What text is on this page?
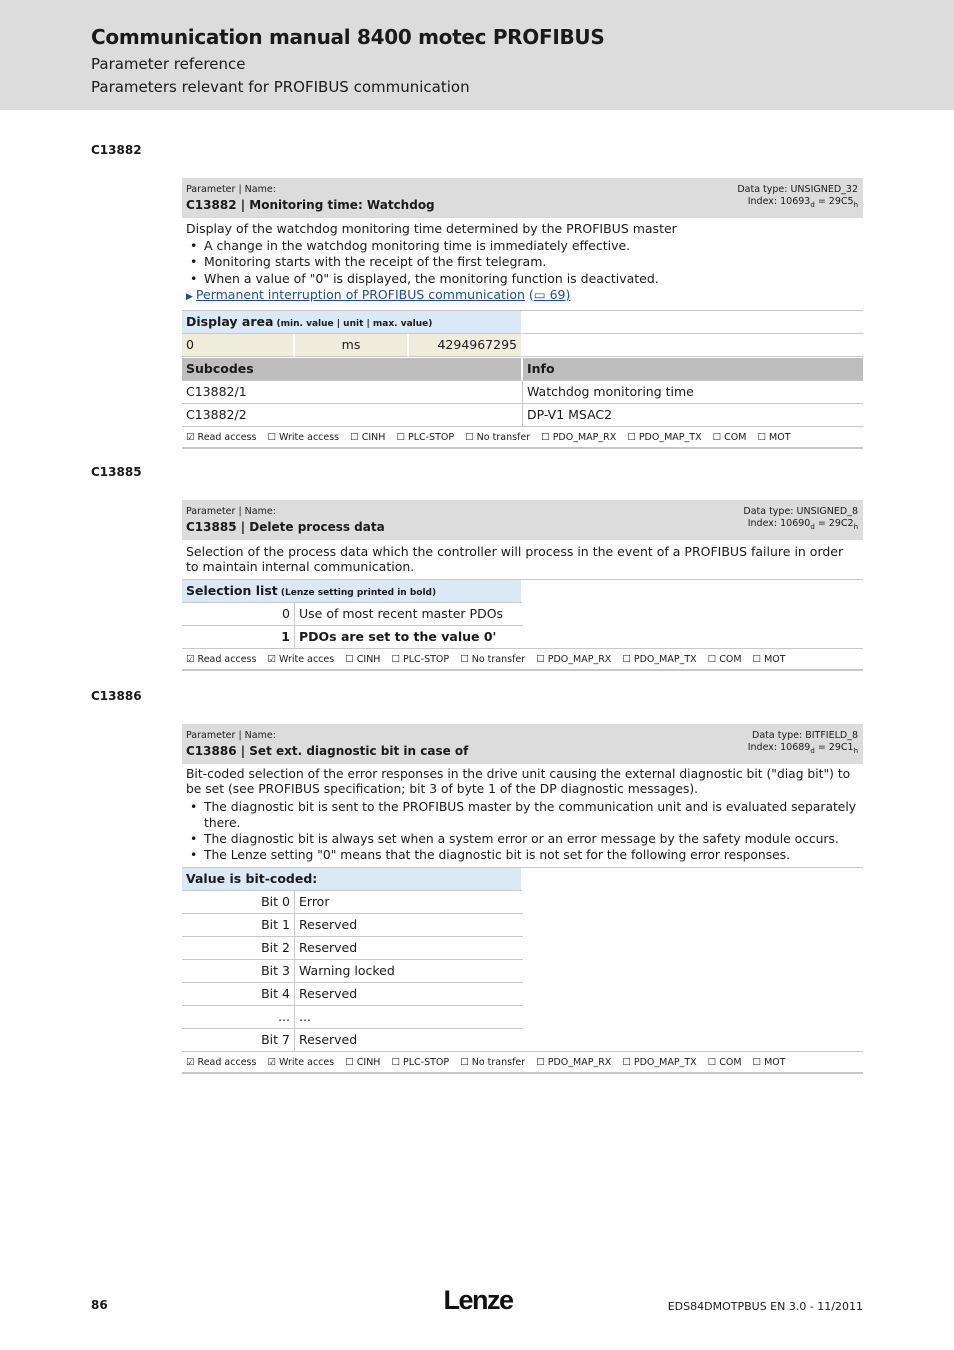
Communication manual 8400 motec PROFIBUS
Parameter reference
Parameters relevant for PROFIBUS communication
C13882
Parameter | Name:
C13882 | Monitoring time: Watchdog
Data type: UNSIGNED_32
Index: $10693_d = 29C5_h$
Display of the watchdog monitoring time determined by the PROFIBUS master
• A change in the watchdog monitoring time is immediately effective.
• Monitoring starts with the receipt of the first telegram.
• When a value of "0" is displayed, the monitoring function is deactivated.
▶ Permanent interruption of PROFIBUS communication (▭ 69)
Display area (min. value | unit | max. value)
0	ms	4294967295
Subcodes	Info
C13882/1	Watchdog monitoring time
C13882/2	DP-V1 MSAC2
☑ Read access ☐ Write access ☐ CINH ☐ PLC-STOP ☐ No transfer ☐ PDO_MAP_RX ☐ PDO_MAP_TX ☐ COM ☐ MOT
C13885
Parameter | Name:
C13885 | Delete process data
Data type: UNSIGNED_8
Index: $10690_d = 29C2_h$
Selection of the process data which the controller will process in the event of a PROFIBUS failure in order to maintain internal communication.
Selection list (Lenze setting printed in bold)
0 Use of most recent master PDOs
1 PDOs are set to the value 0'
☑ Read access ☑ Write acces ☐ CINH ☐ PLC-STOP ☐ No transfer ☐ PDO_MAP_RX ☐ PDO_MAP_TX ☐ COM ☐ MOT
C13886
Parameter | Name:
C13886 | Set ext. diagnostic bit in case of
Data type: BITFIELD_8
Index: $10689_d = 29C1_h$
Bit-coded selection of the error responses in the drive unit causing the external diagnostic bit ("diag bit") to be set (see PROFIBUS specification; bit 3 of byte 1 of the DP diagnostic messages).
• The diagnostic bit is sent to the PROFIBUS master by the communication unit and is evaluated separately there.
• The diagnostic bit is always set when a system error or an error message by the safety module occurs.
• The Lenze setting "0" means that the diagnostic bit is not set for the following error responses.
Value is bit-coded:
Bit 0 Error
Bit 1 Reserved
Bit 2 Reserved
Bit 3 Warning locked
Bit 4 Reserved
... ...
Bit 7 Reserved
☑ Read access ☑ Write acces ☐ CINH ☐ PLC-STOP ☐ No transfer ☐ PDO_MAP_RX ☐ PDO_MAP_TX ☐ COM ☐ MOT
86	Lenze	EDS84DMOTPBUS EN 3.0 - 11/2011
